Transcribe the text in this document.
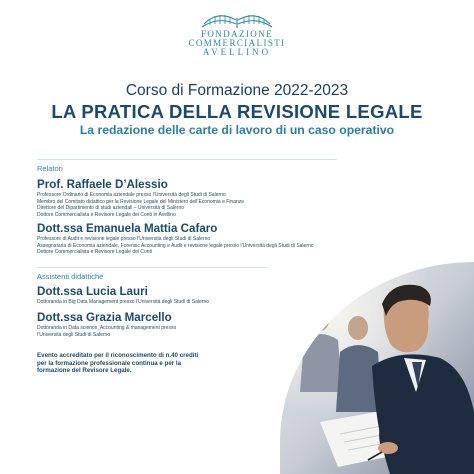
FONDAZIONE
COMMERCIALISTI
AVELLINO
Corso di Formazione 2022-2023
LA PRATICA DELLA REVISIONE LEGALE
La redazione delle carte di lavoro di un caso operativo
Relatori
Prof. Raffaele D’Alessio
Professore Ordinario di Economia aziendale presso l’Università degli Studi di Salerno
Membro del Comitato didattico per la Revisione Legale del Ministero dell’Economia e Finanze
Direttore del Dipartimento di studi aziendali – Università di Salerno
Dottore Commercialista e Revisore Legale dei Conti in Avellino
Dott.ssa Emanuela Mattia Cafaro
Professore di Audit e revisione legale presso l’Università degli Studi di Salerno
Assegnataria di Economia aziendale, Forensic Accounting e Audit e revisione legale presso l’Università degli Studi di Salerno
Dottore Commercialista e Revisore Legale dei Conti
Assistenti didattiche
Dott.ssa Lucia Lauri
Dottoranda in Big Data Management presso l’Università degli Studi di Salerno
Dott.ssa Grazia Marcello
Dottoranda in Data science, Accounting & management presso
l’Università degli Studi di Salerno
Evento accreditato per il riconoscimento di n.40 crediti
per la formazione professionale continua e per la
formazione del Revisore Legale.
